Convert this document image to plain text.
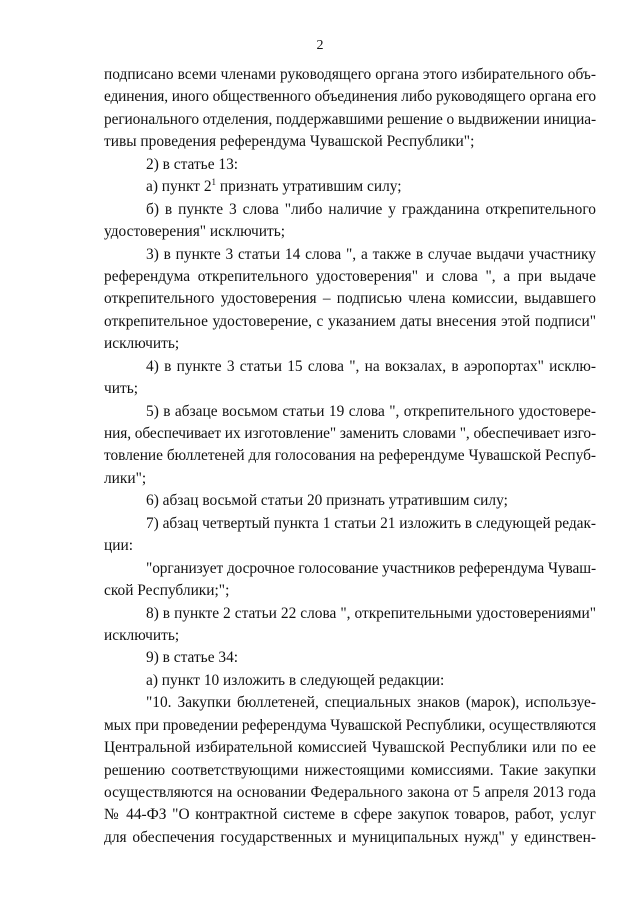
2
подписано всеми членами руководящего органа этого избирательного объ-
единения, иного общественного объединения либо руководящего органа его
регионального отделения, поддержавшими решение о выдвижении инициа-
тивы проведения референдума Чувашской Республики";
2) в статье 13:
а) пункт $2^1$ признать утратившим силу;
б) в пункте 3 слова "либо наличие у гражданина открепительного
удостоверения" исключить;
3) в пункте 3 статьи 14 слова ", а также в случае выдачи участнику
референдума открепительного удостоверения" и слова ", а при выдаче
открепительного удостоверения – подписью члена комиссии, выдавшего
открепительное удостоверение, с указанием даты внесения этой подписи"
исключить;
4) в пункте 3 статьи 15 слова ", на вокзалах, в аэропортах" исклю-
чить;
5) в абзаце восьмом статьи 19 слова ", открепительного удостовере-
ния, обеспечивает их изготовление" заменить словами ", обеспечивает изго-
товление бюллетеней для голосования на референдуме Чувашской Респуб-
лики";
6) абзац восьмой статьи 20 признать утратившим силу;
7) абзац четвертый пункта 1 статьи 21 изложить в следующей редак-
ции:
"организует досрочное голосование участников референдума Чуваш-
ской Республики;";
8) в пункте 2 статьи 22 слова ", открепительными удостоверениями"
исключить;
9) в статье 34:
а) пункт 10 изложить в следующей редакции:
"10. Закупки бюллетеней, специальных знаков (марок), используе-
мых при проведении референдума Чувашской Республики, осуществляются
Центральной избирательной комиссией Чувашской Республики или по ее
решению соответствующими нижестоящими комиссиями. Такие закупки
осуществляются на основании Федерального закона от 5 апреля 2013 года
№ 44-ФЗ "О контрактной системе в сфере закупок товаров, работ, услуг
для обеспечения государственных и муниципальных нужд" у единствен-
